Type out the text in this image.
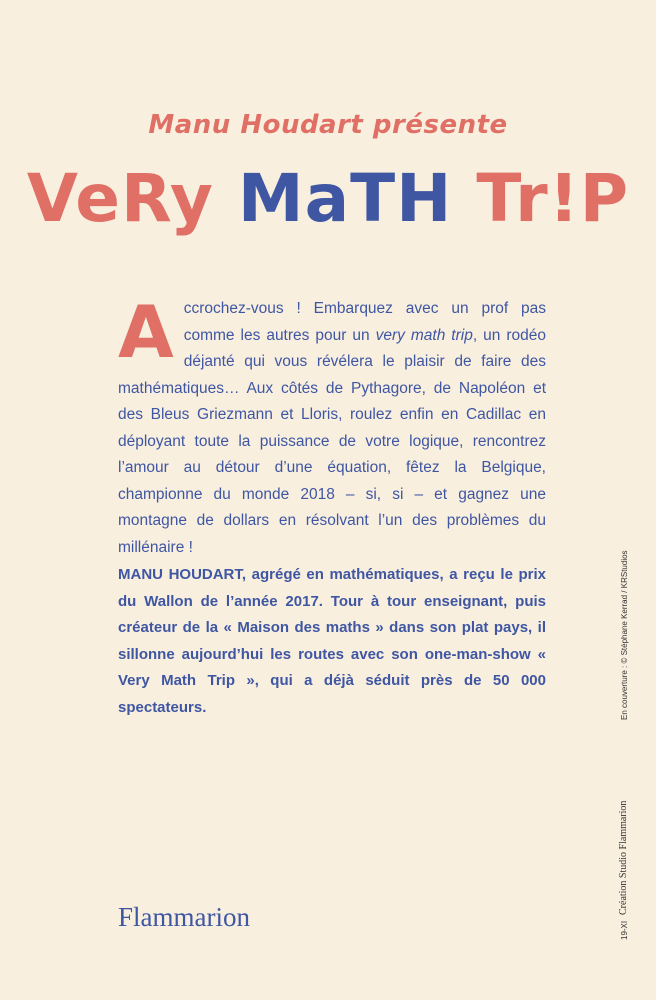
Manu Houdart présente
VeRy MaTH Tr!P
A ccrochez-vous ! Embarquez avec un prof pas comme les autres pour un very math trip, un rodéo déjanté qui vous révélera le plaisir de faire des mathématiques… Aux côtés de Pythagore, de Napoléon et des Bleus Griezmann et Lloris, roulez enfin en Cadillac en déployant toute la puissance de votre logique, rencontrez l’amour au détour d’une équation, fêtez la Belgique, championne du monde 2018 – si, si – et gagnez une montagne de dollars en résolvant l’un des problèmes du millénaire !

MANU HOUDART, agrégé en mathématiques, a reçu le prix du Wallon de l’année 2017. Tour à tour enseignant, puis créateur de la « Maison des maths » dans son plat pays, il sillonne aujourd’hui les routes avec son one-man-show « Very Math Trip », qui a déjà séduit près de 50 000 spectateurs.	En couverture : © Stéphane Kerrad / KRStudios
Création Studio Flammarion
19-XI
Flammarion
